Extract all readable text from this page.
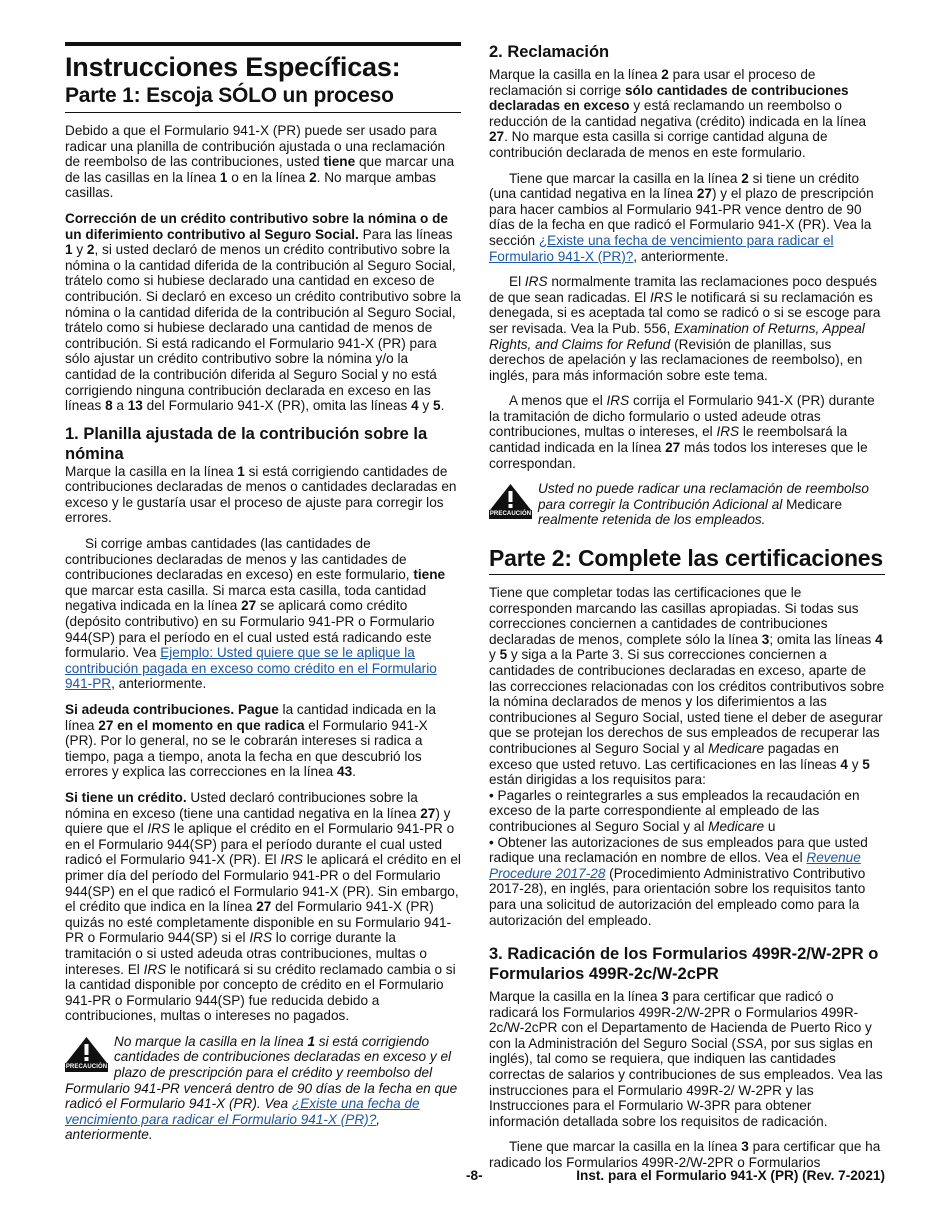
Instrucciones Específicas:
Parte 1: Escoja SÓLO un proceso

Debido a que el Formulario 941-X (PR) puede ser usado para radicar una planilla de contribución ajustada o una reclamación de reembolso de las contribuciones, usted tiene que marcar una de las casillas en la línea 1 o en la línea 2. No marque ambas casillas.

Corrección de un crédito contributivo sobre la nómina o de un diferimiento contributivo al Seguro Social. Para las líneas 1 y 2, si usted declaró de menos un crédito contributivo sobre la nómina o la cantidad diferida de la contribución al Seguro Social, trátelo como si hubiese declarado una cantidad en exceso de contribución. Si declaró en exceso un crédito contributivo sobre la nómina o la cantidad diferida de la contribución al Seguro Social, trátelo como si hubiese declarado una cantidad de menos de contribución. Si está radicando el Formulario 941-X (PR) para sólo ajustar un crédito contributivo sobre la nómina y/o la cantidad de la contribución diferida al Seguro Social y no está corrigiendo ninguna contribución declarada en exceso en las líneas 8 a 13 del Formulario 941-X (PR), omita las líneas 4 y 5.

1. Planilla ajustada de la contribución sobre la nómina

Marque la casilla en la línea 1 si está corrigiendo cantidades de contribuciones declaradas de menos o cantidades declaradas en exceso y le gustaría usar el proceso de ajuste para corregir los errores.

Si corrige ambas cantidades (las cantidades de contribuciones declaradas de menos y las cantidades de contribuciones declaradas en exceso) en este formulario, tiene que marcar esta casilla. Si marca esta casilla, toda cantidad negativa indicada en la línea 27 se aplicará como crédito (depósito contributivo) en su Formulario 941-PR o Formulario 944(SP) para el período en el cual usted está radicando este formulario. Vea Ejemplo: Usted quiere que se le aplique la contribución pagada en exceso como crédito en el Formulario 941-PR, anteriormente.

Si adeuda contribuciones. Pague la cantidad indicada en la línea 27 en el momento en que radica el Formulario 941-X (PR). Por lo general, no se le cobrarán intereses si radica a tiempo, paga a tiempo, anota la fecha en que descubrió los errores y explica las correcciones en la línea 43.

Si tiene un crédito. Usted declaró contribuciones sobre la nómina en exceso (tiene una cantidad negativa en la línea 27) y quiere que el IRS le aplique el crédito en el Formulario 941-PR o en el Formulario 944(SP) para el período durante el cual usted radicó el Formulario 941-X (PR). El IRS le aplicará el crédito en el primer día del período del Formulario 941-PR o del Formulario 944(SP) en el que radicó el Formulario 941-X (PR). Sin embargo, el crédito que indica en la línea 27 del Formulario 941-X (PR) quizás no esté completamente disponible en su Formulario 941-PR o Formulario 944(SP) si el IRS lo corrige durante la tramitación o si usted adeuda otras contribuciones, multas o intereses. El IRS le notificará si su crédito reclamado cambia o si la cantidad disponible por concepto de crédito en el Formulario 941-PR o Formulario 944(SP) fue reducida debido a contribuciones, multas o intereses no pagados.

PRECAUCIÓN
No marque la casilla en la línea 1 si está corrigiendo cantidades de contribuciones declaradas en exceso y el plazo de prescripción para el crédito y reembolso del Formulario 941-PR vencerá dentro de 90 días de la fecha en que radicó el Formulario 941-X (PR). Vea ¿Existe una fecha de vencimiento para radicar el Formulario 941-X (PR)?, anteriormente.
2. Reclamación

Marque la casilla en la línea 2 para usar el proceso de reclamación si corrige sólo cantidades de contribuciones declaradas en exceso y está reclamando un reembolso o reducción de la cantidad negativa (crédito) indicada en la línea 27. No marque esta casilla si corrige cantidad alguna de contribución declarada de menos en este formulario.

Tiene que marcar la casilla en la línea 2 si tiene un crédito (una cantidad negativa en la línea 27) y el plazo de prescripción para hacer cambios al Formulario 941-PR vence dentro de 90 días de la fecha en que radicó el Formulario 941-X (PR). Vea la sección ¿Existe una fecha de vencimiento para radicar el Formulario 941-X (PR)?, anteriormente.

El IRS normalmente tramita las reclamaciones poco después de que sean radicadas. El IRS le notificará si su reclamación es denegada, si es aceptada tal como se radicó o si se escoge para ser revisada. Vea la Pub. 556, Examination of Returns, Appeal Rights, and Claims for Refund (Revisión de planillas, sus derechos de apelación y las reclamaciones de reembolso), en inglés, para más información sobre este tema.

A menos que el IRS corrija el Formulario 941-X (PR) durante la tramitación de dicho formulario o usted adeude otras contribuciones, multas o intereses, el IRS le reembolsará la cantidad indicada en la línea 27 más todos los intereses que le correspondan.

PRECAUCIÓN
Usted no puede radicar una reclamación de reembolso para corregir la Contribución Adicional al Medicare realmente retenida de los empleados.
Parte 2: Complete las certificaciones

Tiene que completar todas las certificaciones que le corresponden marcando las casillas apropiadas. Si todas sus correcciones conciernen a cantidades de contribuciones declaradas de menos, complete sólo la línea 3; omita las líneas 4 y 5 y siga a la Parte 3. Si sus correcciones conciernen a cantidades de contribuciones declaradas en exceso, aparte de las correcciones relacionadas con los créditos contributivos sobre la nómina declarados de menos y los diferimientos a las contribuciones al Seguro Social, usted tiene el deber de asegurar que se protejan los derechos de sus empleados de recuperar las contribuciones al Seguro Social y al Medicare pagadas en exceso que usted retuvo. Las certificaciones en las líneas 4 y 5 están dirigidas a los requisitos para:

• Pagarles o reintegrarles a sus empleados la recaudación en exceso de la parte correspondiente al empleado de las contribuciones al Seguro Social y al Medicare u

• Obtener las autorizaciones de sus empleados para que usted radique una reclamación en nombre de ellos. Vea el Revenue Procedure 2017-28 (Procedimiento Administrativo Contributivo 2017-28), en inglés, para orientación sobre los requisitos tanto para una solicitud de autorización del empleado como para la autorización del empleado.

3. Radicación de los Formularios 499R-2/W-2PR o Formularios 499R-2c/W-2cPR

Marque la casilla en la línea 3 para certificar que radicó o radicará los Formularios 499R-2/W-2PR o Formularios 499R-2c/W-2cPR con el Departamento de Hacienda de Puerto Rico y con la Administración del Seguro Social (SSA, por sus siglas en inglés), tal como se requiera, que indiquen las cantidades correctas de salarios y contribuciones de sus empleados. Vea las instrucciones para el Formulario 499R-2/ W-2PR y las Instrucciones para el Formulario W-3PR para obtener información detallada sobre los requisitos de radicación.

Tiene que marcar la casilla en la línea 3 para certificar que ha radicado los Formularios 499R-2/W-2PR o Formularios

-8-	Inst. para el Formulario 941-X (PR) (Rev. 7-2021)
